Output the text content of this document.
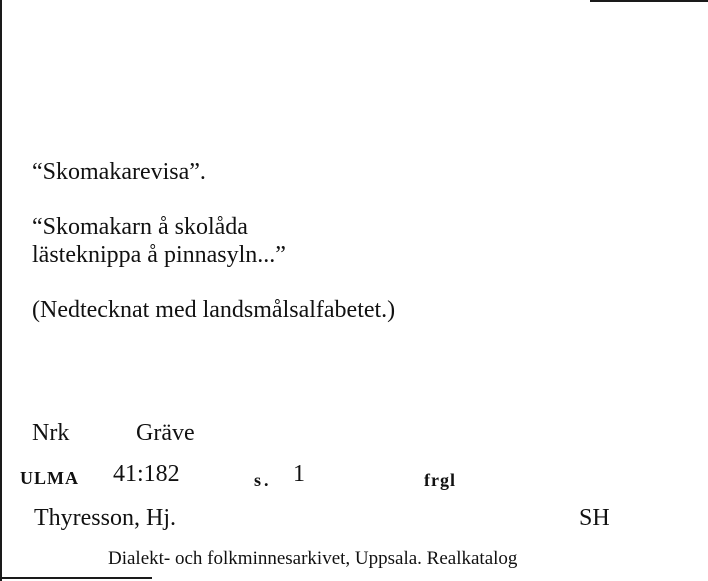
“Skomakarevisa”.
“Skomakarn å skolåda
lästeknippa å pinnasyln...”
(Nedtecknat med landsmålsalfabetet.)
Nrk	Gräve
ULMA 41:182	s. 1	frgl
Thyresson, Hj.	SH
Dialekt- och folkminnesarkivet, Uppsala. Realkatalog
